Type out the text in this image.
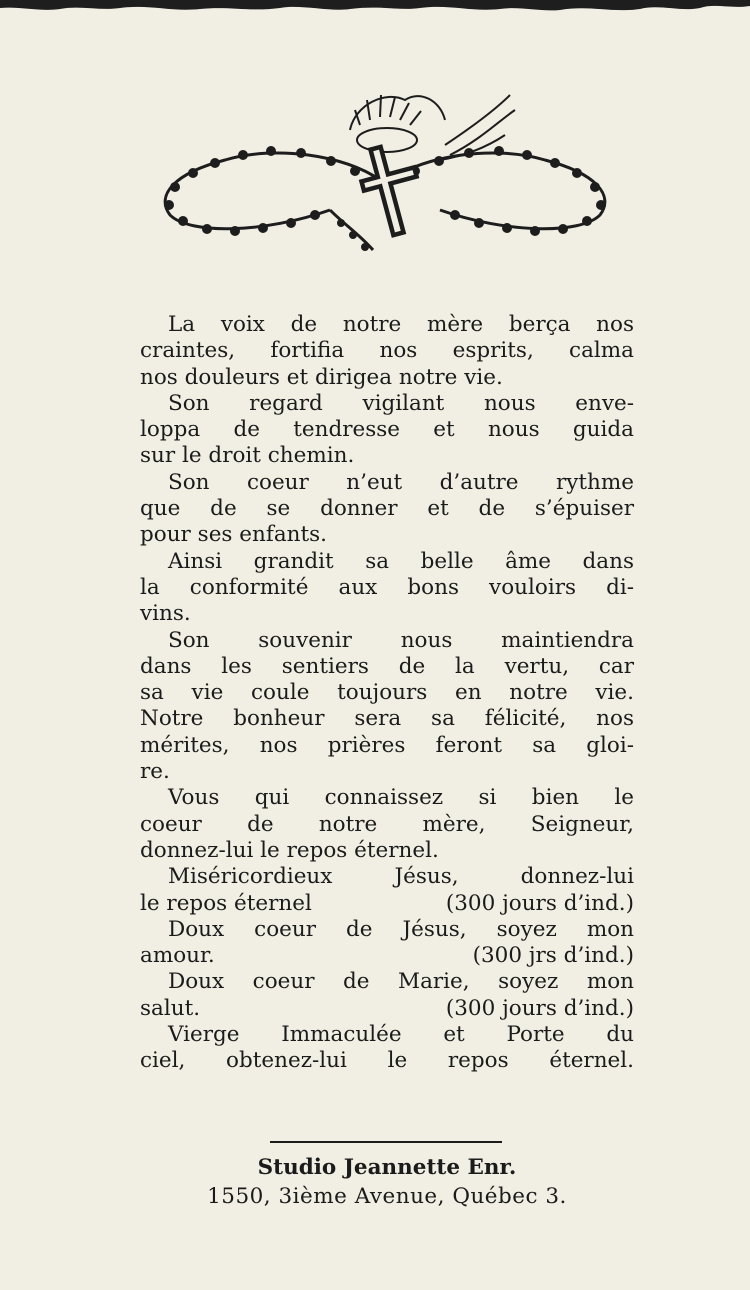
La voix de notre mère berça nos
craintes, fortifia nos esprits, calma
nos douleurs et dirigea notre vie.
Son regard vigilant nous enve-
loppa de tendresse et nous guida
sur le droit chemin.
Son coeur n’eut d’autre rythme
que de se donner et de s’épuiser
pour ses enfants.
Ainsi grandit sa belle âme dans
la conformité aux bons vouloirs di-
vins.
Son souvenir nous maintiendra
dans les sentiers de la vertu, car
sa vie coule toujours en notre vie.
Notre bonheur sera sa félicité, nos
mérites, nos prières feront sa gloi-
re.
Vous qui connaissez si bien le
coeur de notre mère, Seigneur,
donnez-lui le repos éternel.
Miséricordieux Jésus, donnez-lui
le repos éternel	(300 jours d’ind.)
Doux coeur de Jésus, soyez mon
amour.	(300 jrs d’ind.)
Doux coeur de Marie, soyez mon
salut.	(300 jours d’ind.)
Vierge Immaculée et Porte du
ciel, obtenez-lui le repos éternel.
Studio Jeannette Enr.
1550, 3ième Avenue, Québec 3.
